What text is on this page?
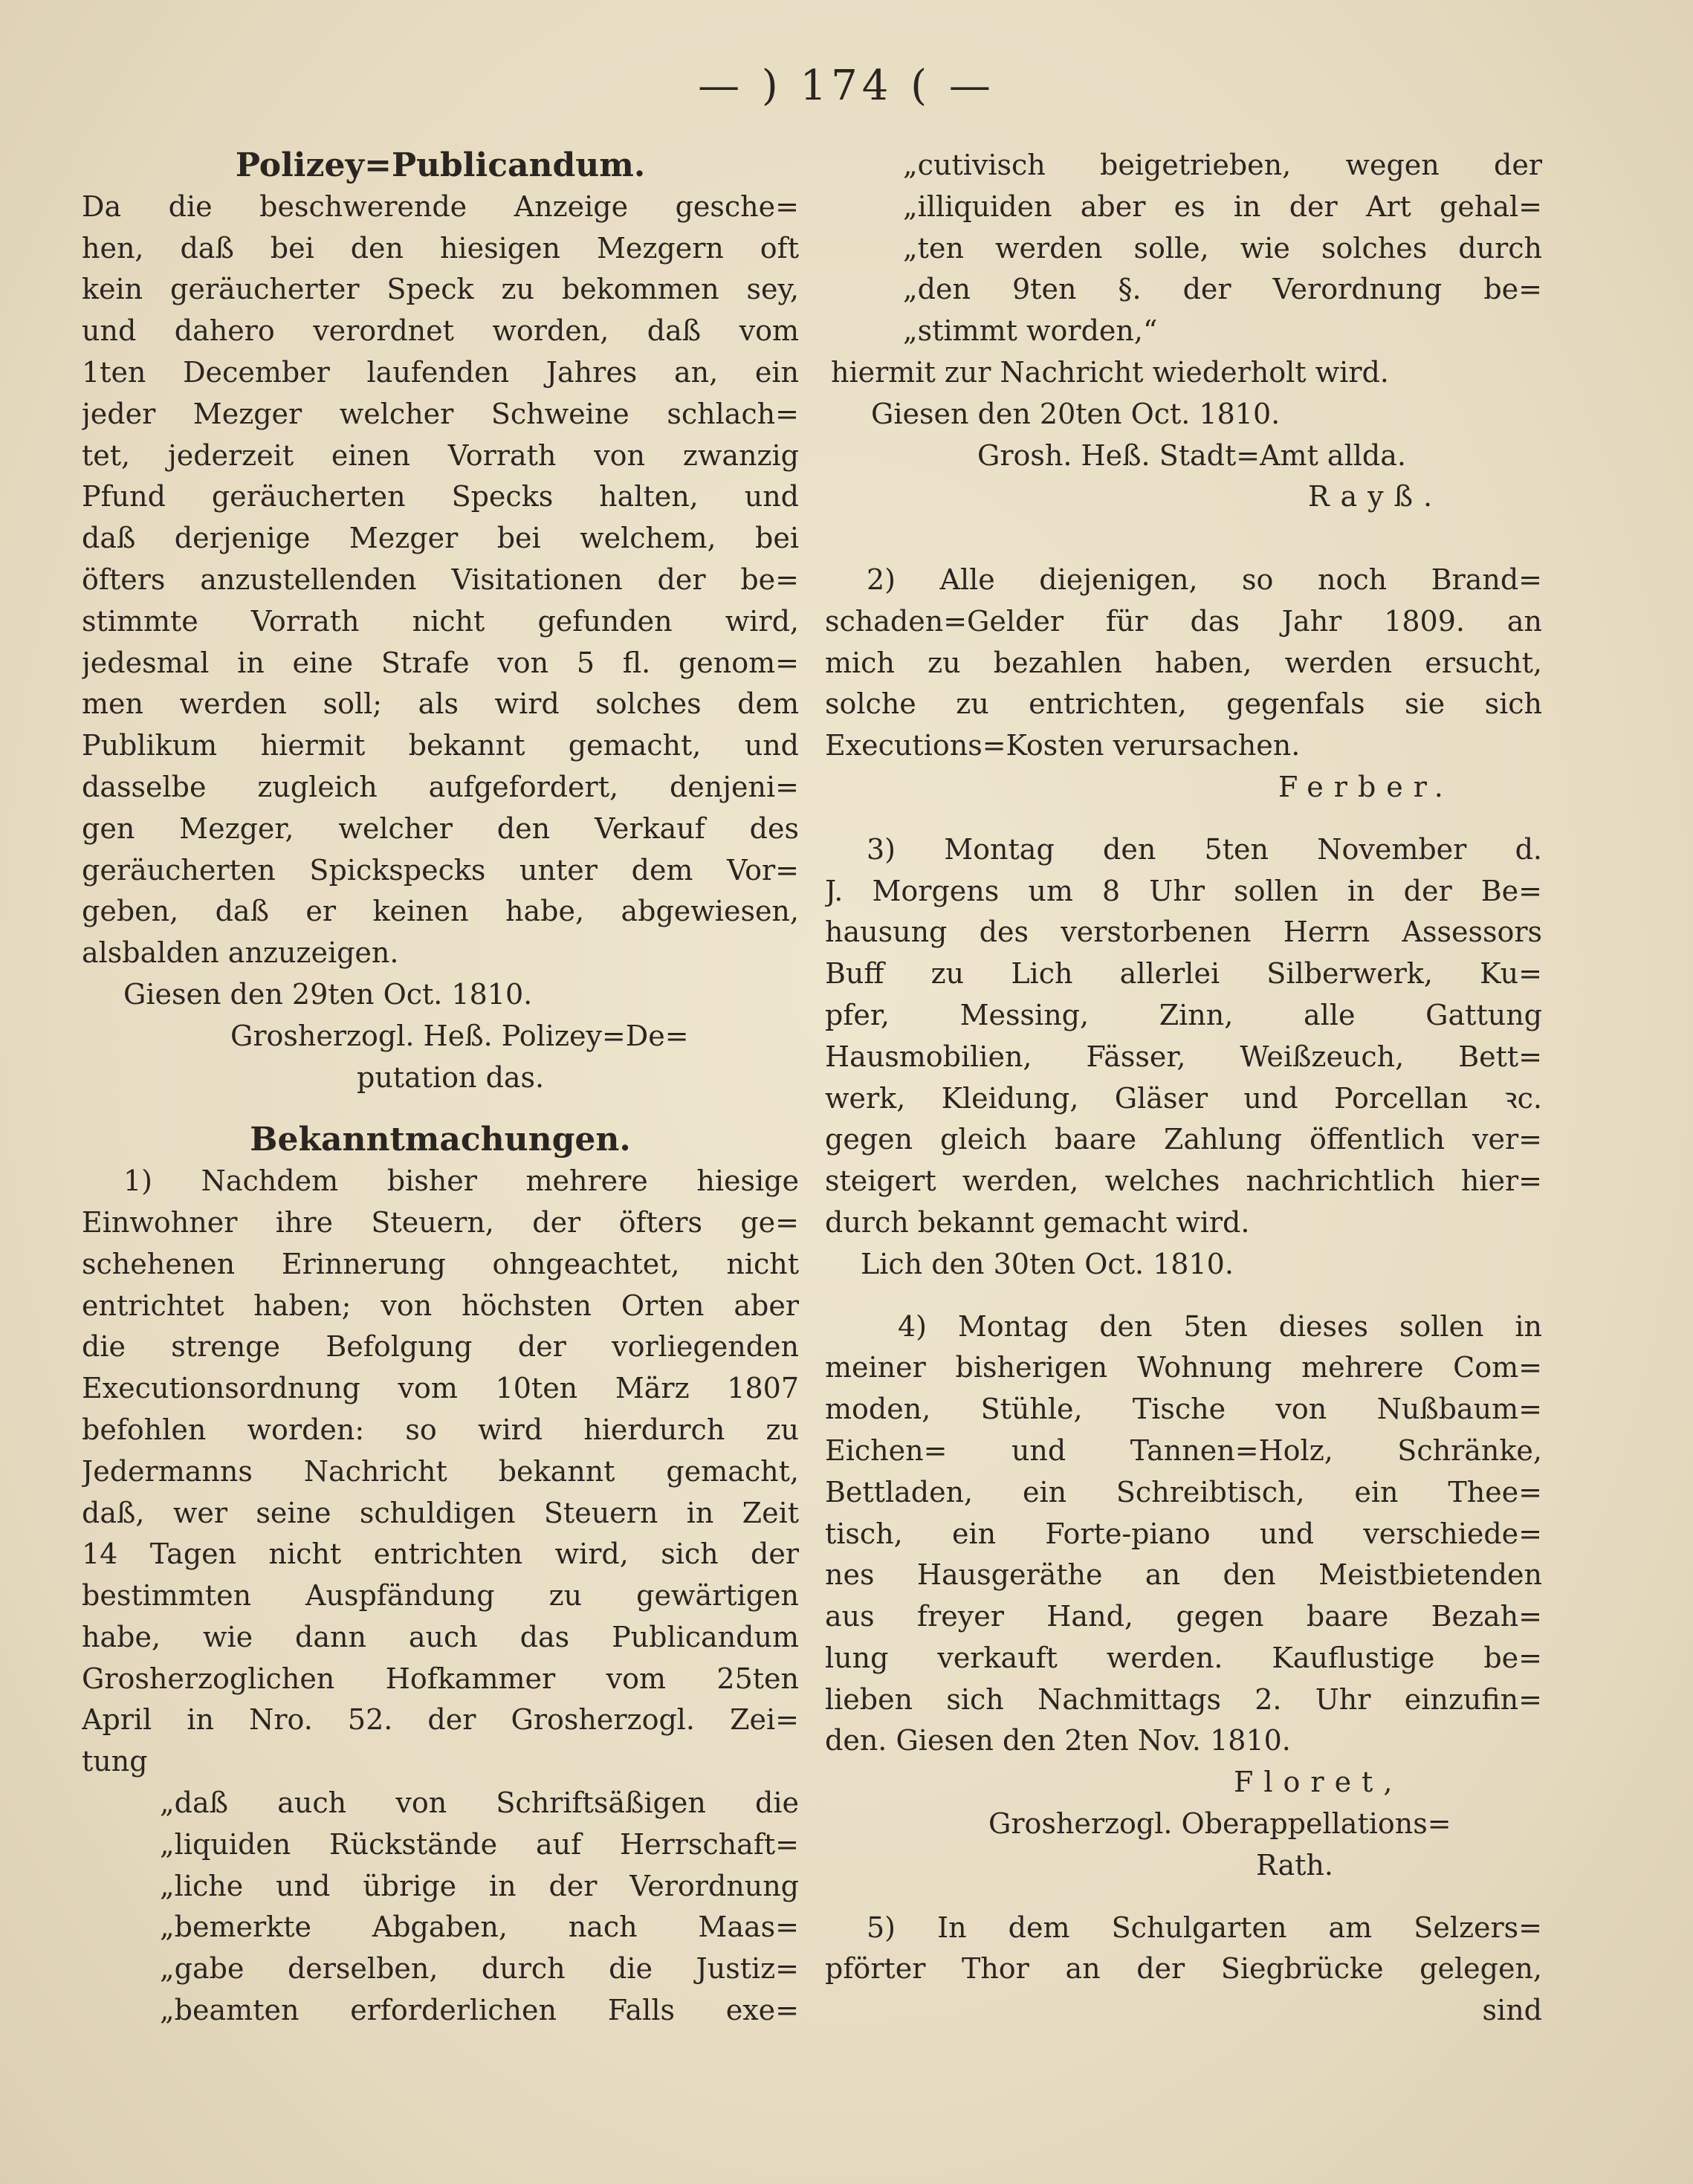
— ) 174 ( —
Polizey=Publicandum.
Da die beschwerende Anzeige gesche=
hen, daß bei den hiesigen Mezgern oft
kein geräucherter Speck zu bekommen sey,
und dahero verordnet worden, daß vom
1ten December laufenden Jahres an, ein
jeder Mezger welcher Schweine schlach=
tet, jederzeit einen Vorrath von zwanzig
Pfund geräucherten Specks halten, und
daß derjenige Mezger bei welchem, bei
öfters anzustellenden Visitationen der be=
stimmte Vorrath nicht gefunden wird,
jedesmal in eine Strafe von 5 fl. genom=
men werden soll; als wird solches dem
Publikum hiermit bekannt gemacht, und
dasselbe zugleich aufgefordert, denjeni=
gen Mezger, welcher den Verkauf des
geräucherten Spickspecks unter dem Vor=
geben, daß er keinen habe, abgewiesen,
alsbalden anzuzeigen.
Giesen den 29ten Oct. 1810.
Grosherzogl. Heß. Polizey=De=
putation das.
Bekanntmachungen.
1) Nachdem bisher mehrere hiesige
Einwohner ihre Steuern, der öfters ge=
schehenen Erinnerung ohngeachtet, nicht
entrichtet haben; von höchsten Orten aber
die strenge Befolgung der vorliegenden
Executionsordnung vom 10ten März 1807
befohlen worden: so wird hierdurch zu
Jedermanns Nachricht bekannt gemacht,
daß, wer seine schuldigen Steuern in Zeit
14 Tagen nicht entrichten wird, sich der
bestimmten Auspfändung zu gewärtigen
habe, wie dann auch das Publicandum
Grosherzoglichen Hofkammer vom 25ten
April in Nro. 52. der Grosherzogl. Zei=
tung
„daß auch von Schriftsäßigen die
„liquiden Rückstände auf Herrschaft=
„liche und übrige in der Verordnung
„bemerkte Abgaben, nach Maas=
„gabe derselben, durch die Justiz=
„beamten erforderlichen Falls exe=
„cutivisch beigetrieben, wegen der
„illiquiden aber es in der Art gehal=
„ten werden solle, wie solches durch
„den 9ten §. der Verordnung be=
„stimmt worden,“
hiermit zur Nachricht wiederholt wird.
Giesen den 20ten Oct. 1810.
Grosh. Heß. Stadt=Amt allda.
Rayß.
2) Alle diejenigen, so noch Brand=
schaden=Gelder für das Jahr 1809. an
mich zu bezahlen haben, werden ersucht,
solche zu entrichten, gegenfals sie sich
Executions=Kosten verursachen.
Ferber.
3) Montag den 5ten November d.
J. Morgens um 8 Uhr sollen in der Be=
hausung des verstorbenen Herrn Assessors
Buff zu Lich allerlei Silberwerk, Ku=
pfer, Messing, Zinn, alle Gattung
Hausmobilien, Fässer, Weißzeuch, Bett=
werk, Kleidung, Gläser und Porcellan ꝛc.
gegen gleich baare Zahlung öffentlich ver=
steigert werden, welches nachrichtlich hier=
durch bekannt gemacht wird.
Lich den 30ten Oct. 1810.
4) Montag den 5ten dieses sollen in
meiner bisherigen Wohnung mehrere Com=
moden, Stühle, Tische von Nußbaum=
Eichen= und Tannen=Holz, Schränke,
Bettladen, ein Schreibtisch, ein Thee=
tisch, ein Forte-piano und verschiede=
nes Hausgeräthe an den Meistbietenden
aus freyer Hand, gegen baare Bezah=
lung verkauft werden. Kauflustige be=
lieben sich Nachmittags 2. Uhr einzufin=
den. Giesen den 2ten Nov. 1810.
Floret,
Grosherzogl. Oberappellations=
Rath.
5) In dem Schulgarten am Selzers=
pförter Thor an der Siegbrücke gelegen,
sind
